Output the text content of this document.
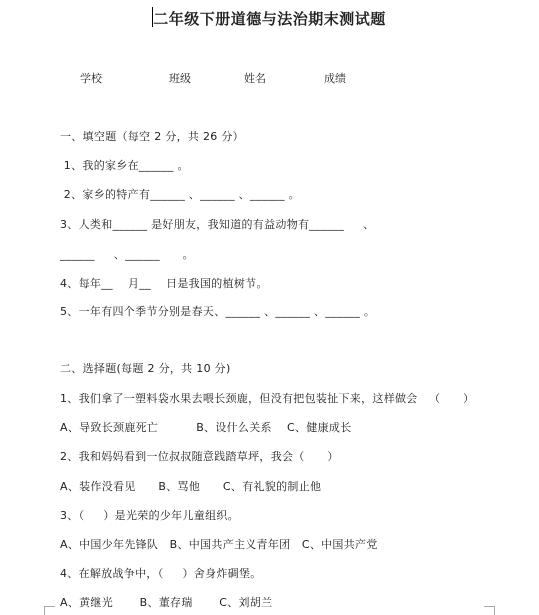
二年级下册道德与法治期末测试题
学校	班级	姓名	成绩
一、填空题（每空 2 分，共 26 分）
1、我的家乡在______ 。
2、家乡的特产有______ 、______ 、______ 。
3、人类和______ 是好朋友，我知道的有益动物有______     、
______     、______      。
4、每年__    月__    日是我国的植树节。
5、一年有四个季节分别是春天、______ 、______ 、______ 。
二、选择题(每题 2 分，共 10 分)
1、我们拿了一塑料袋水果去喂长颈鹿，但没有把包装扯下来，这样做会   （      ）
A、导致长颈鹿死亡          B、设什么关系    C、健康成长
2、我和妈妈看到一位叔叔随意践踏草坪，我会（      ）
A、装作没看见      B、骂他      C、有礼貌的制止他
3、（     ）是光荣的少年儿童组织。
A、中国少年先锋队   B、中国共产主义青年团   C、中国共产党
4、在解放战争中，（     ）舍身炸碉堡。
A、黄继光       B、董存瑞       C、刘胡兰
